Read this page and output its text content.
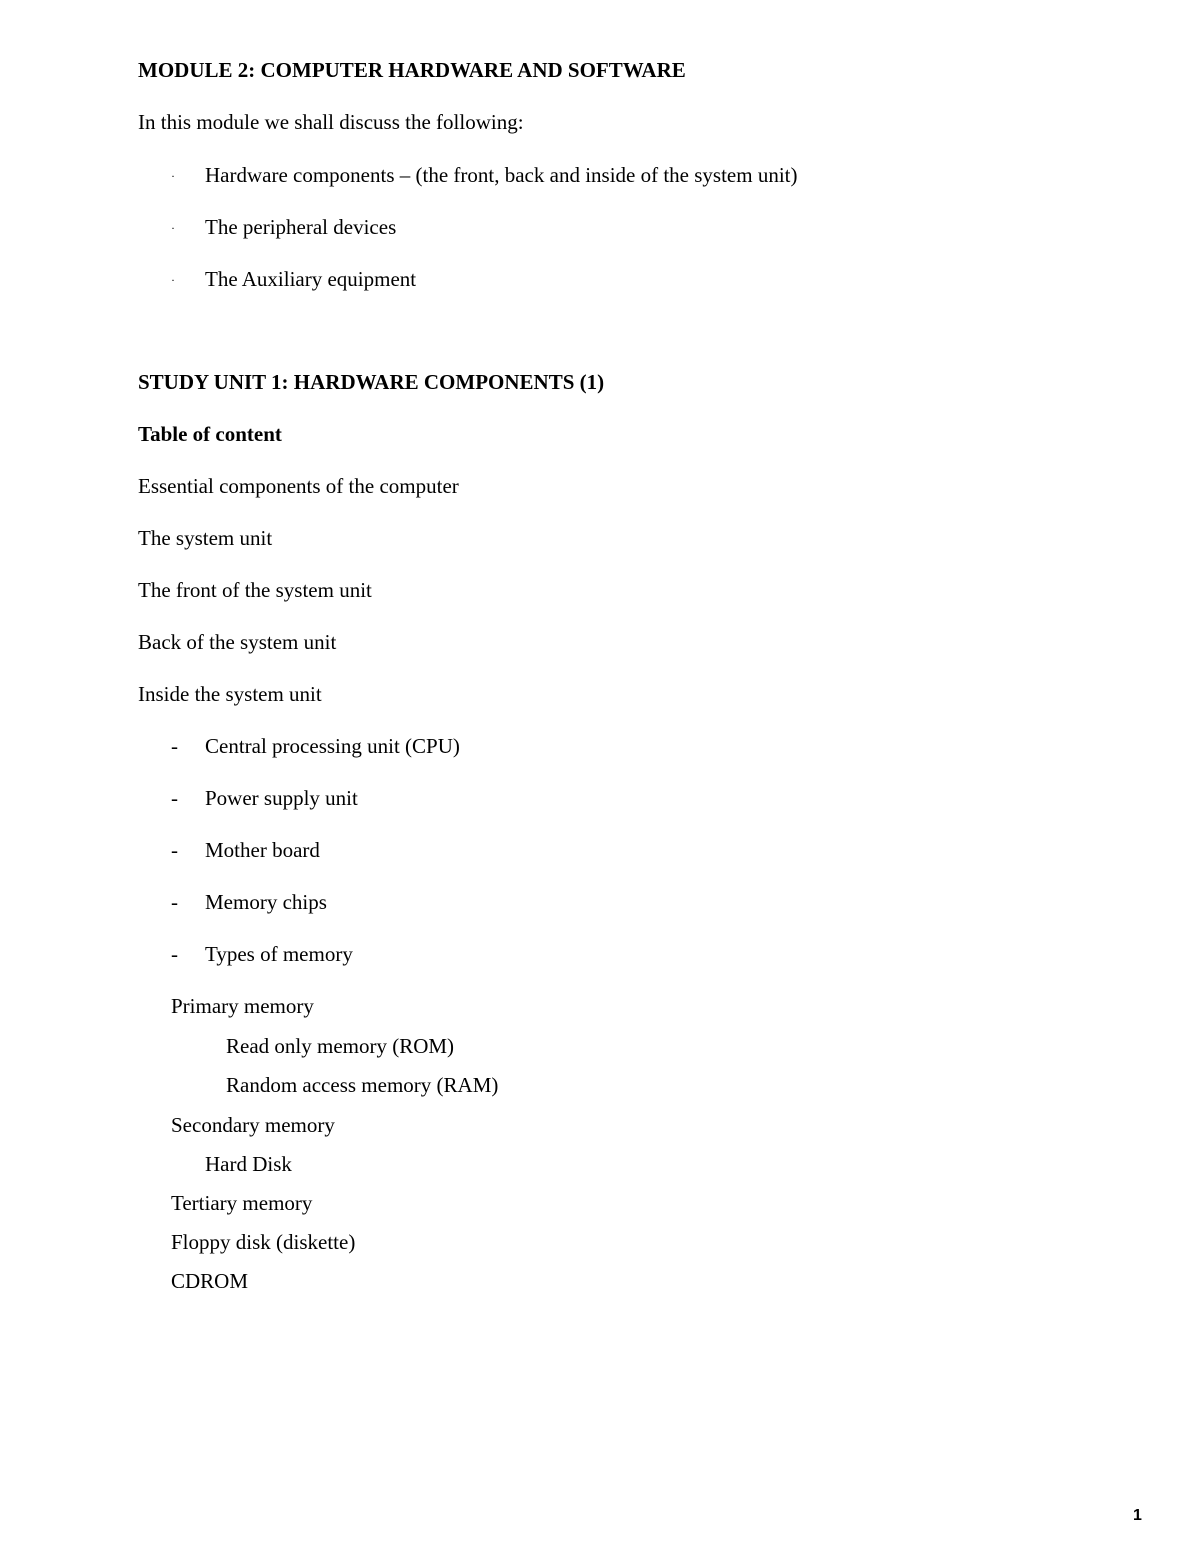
MODULE 2: COMPUTER HARDWARE AND SOFTWARE
In this module we shall discuss the following:
· Hardware components – (the front, back and inside of the system unit)
· The peripheral devices
· The Auxiliary equipment
STUDY UNIT 1: HARDWARE COMPONENTS (1)
Table of content
Essential components of the computer
The system unit
The front of the system unit
Back of the system unit
Inside the system unit
- Central processing unit (CPU)
- Power supply unit
- Mother board
- Memory chips
- Types of memory
Primary memory
Read only memory (ROM)
Random access memory (RAM)
Secondary memory
Hard Disk
Tertiary memory
Floppy disk (diskette)
CDROM
1
